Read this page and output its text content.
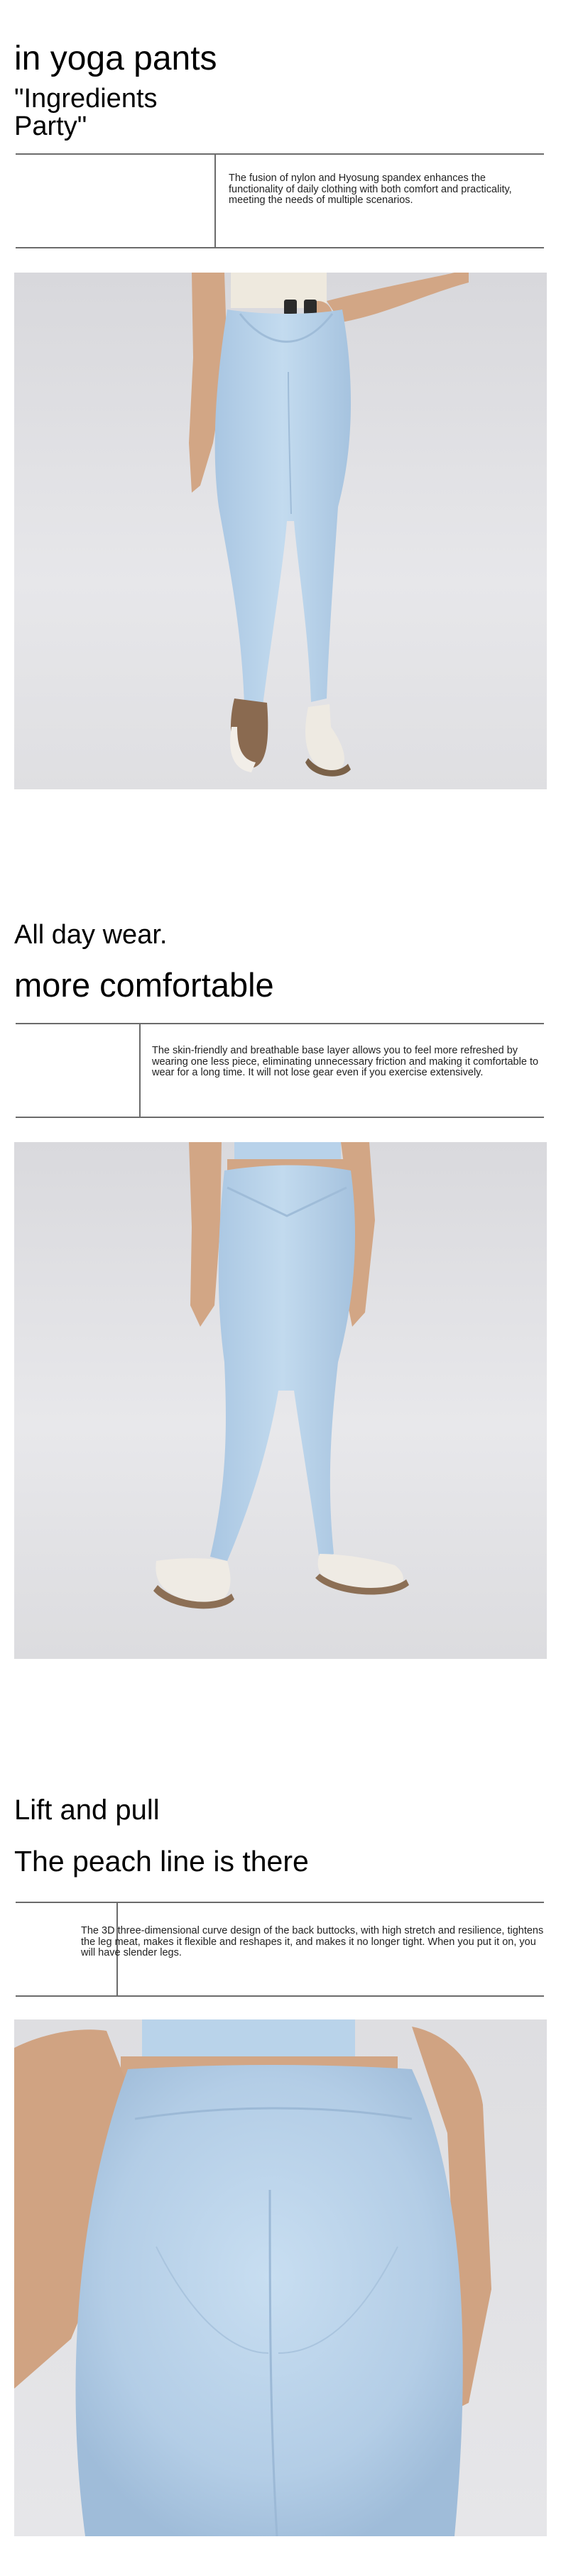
in yoga pants
"Ingredients
Party"

The fusion of nylon and Hyosung spandex enhances the functionality of daily clothing with both comfort and practicality, meeting the needs of multiple scenarios.

All day wear.
more comfortable

The skin-friendly and breathable base layer allows you to feel more refreshed by wearing one less piece, eliminating unnecessary friction and making it comfortable to wear for a long time. It will not lose gear even if you exercise extensively.

Lift and pull
The peach line is there

The 3D three-dimensional curve design of the back buttocks, with high stretch and resilience, tightens the leg meat, makes it flexible and reshapes it, and makes it no longer tight. When you put it on, you will have slender legs.
